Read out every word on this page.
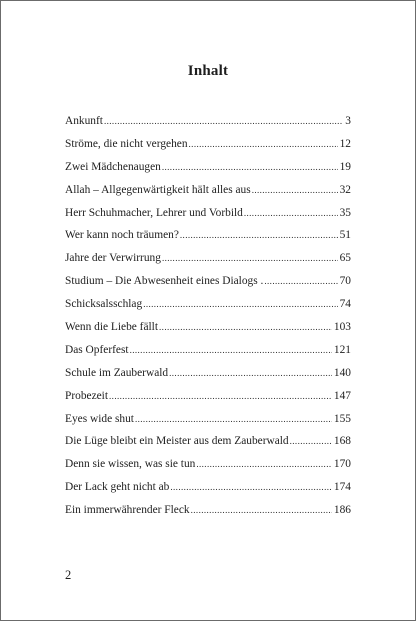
Inhalt
Ankunft .....	3
Ströme, die nicht vergehen .....	12
Zwei Mädchenaugen .....	19
Allah – Allgegenwärtigkeit hält alles aus .....	32
Herr Schuhmacher, Lehrer und Vorbild .....	35
Wer kann noch träumen? .....	51
Jahre der Verwirrung .....	65
Studium – Die Abwesenheit eines Dialogs . .....	70
Schicksalsschlag .....	74
Wenn die Liebe fällt .....	103
Das Opferfest .....	121
Schule im Zauberwald .....	140
Probezeit .....	147
Eyes wide shut .....	155
Die Lüge bleibt ein Meister aus dem Zauberwald .....	168
Denn sie wissen, was sie tun .....	170
Der Lack geht nicht ab .....	174
Ein immerwährender Fleck .....	186
2
